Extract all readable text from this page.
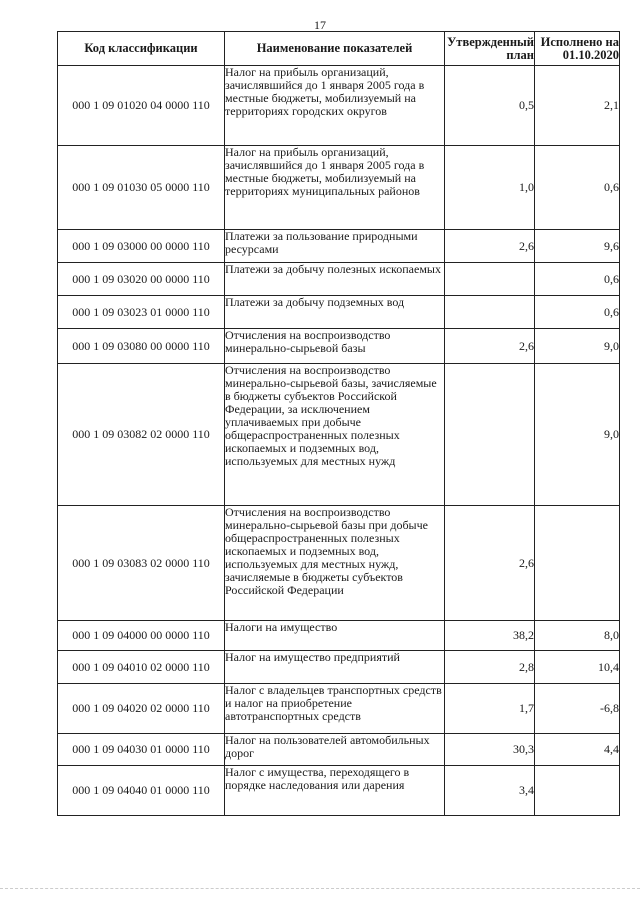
17
Код классификации	Наименование показателей	Утвержденный план	Исполнено на 01.10.2020
000 1 09 01020 04 0000 110	Налог на прибыль организаций, зачислявшийся до 1 января 2005 года в местные бюджеты, мобилизуемый на территориях городских округов	0,5	2,1
000 1 09 01030 05 0000 110	Налог на прибыль организаций, зачислявшийся до 1 января 2005 года в местные бюджеты, мобилизуемый на территориях муниципальных районов	1,0	0,6
000 1 09 03000 00 0000 110	Платежи за пользование природными ресурсами	2,6	9,6
000 1 09 03020 00 0000 110	Платежи за добычу полезных ископаемых		0,6
000 1 09 03023 01 0000 110	Платежи за добычу подземных вод		0,6
000 1 09 03080 00 0000 110	Отчисления на воспроизводство минерально-сырьевой базы	2,6	9,0
000 1 09 03082 02 0000 110	Отчисления на воспроизводство минерально-сырьевой базы, зачисляемые в бюджеты субъектов Российской Федерации, за исключением уплачиваемых при добыче общераспространенных полезных ископаемых и подземных вод, используемых для местных нужд		9,0
000 1 09 03083 02 0000 110	Отчисления на воспроизводство минерально-сырьевой базы при добыче общераспространенных полезных ископаемых и подземных вод, используемых для местных нужд, зачисляемые в бюджеты субъектов Российской Федерации	2,6	
000 1 09 04000 00 0000 110	Налоги на имущество	38,2	8,0
000 1 09 04010 02 0000 110	Налог на имущество предприятий	2,8	10,4
000 1 09 04020 02 0000 110	Налог с владельцев транспортных средств и налог на приобретение автотранспортных средств	1,7	-6,8
000 1 09 04030 01 0000 110	Налог на пользователей автомобильных дорог	30,3	4,4
000 1 09 04040 01 0000 110	Налог с имущества, переходящего в порядке наследования или дарения	3,4	
